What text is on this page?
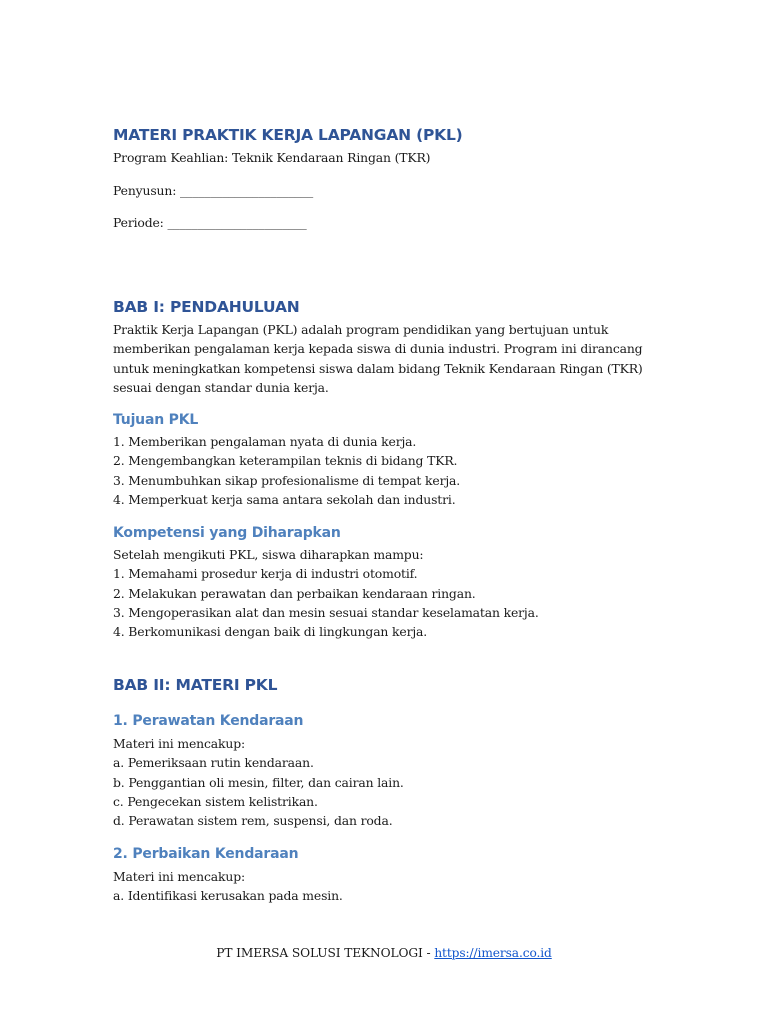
MATERI PRAKTIK KERJA LAPANGAN (PKL)
Program Keahlian: Teknik Kendaraan Ringan (TKR)
Penyusun: ______________________
Periode: _______________________
BAB I: PENDAHULUAN
Praktik Kerja Lapangan (PKL) adalah program pendidikan yang bertujuan untuk
memberikan pengalaman kerja kepada siswa di dunia industri. Program ini dirancang
untuk meningkatkan kompetensi siswa dalam bidang Teknik Kendaraan Ringan (TKR)
sesuai dengan standar dunia kerja.
Tujuan PKL
1. Memberikan pengalaman nyata di dunia kerja.
2. Mengembangkan keterampilan teknis di bidang TKR.
3. Menumbuhkan sikap profesionalisme di tempat kerja.
4. Memperkuat kerja sama antara sekolah dan industri.
Kompetensi yang Diharapkan
Setelah mengikuti PKL, siswa diharapkan mampu:
1. Memahami prosedur kerja di industri otomotif.
2. Melakukan perawatan dan perbaikan kendaraan ringan.
3. Mengoperasikan alat dan mesin sesuai standar keselamatan kerja.
4. Berkomunikasi dengan baik di lingkungan kerja.
BAB II: MATERI PKL
1. Perawatan Kendaraan
Materi ini mencakup:
a. Pemeriksaan rutin kendaraan.
b. Penggantian oli mesin, filter, dan cairan lain.
c. Pengecekan sistem kelistrikan.
d. Perawatan sistem rem, suspensi, dan roda.
2. Perbaikan Kendaraan
Materi ini mencakup:
a. Identifikasi kerusakan pada mesin.
PT IMERSA SOLUSI TEKNOLOGI - https://imersa.co.id
